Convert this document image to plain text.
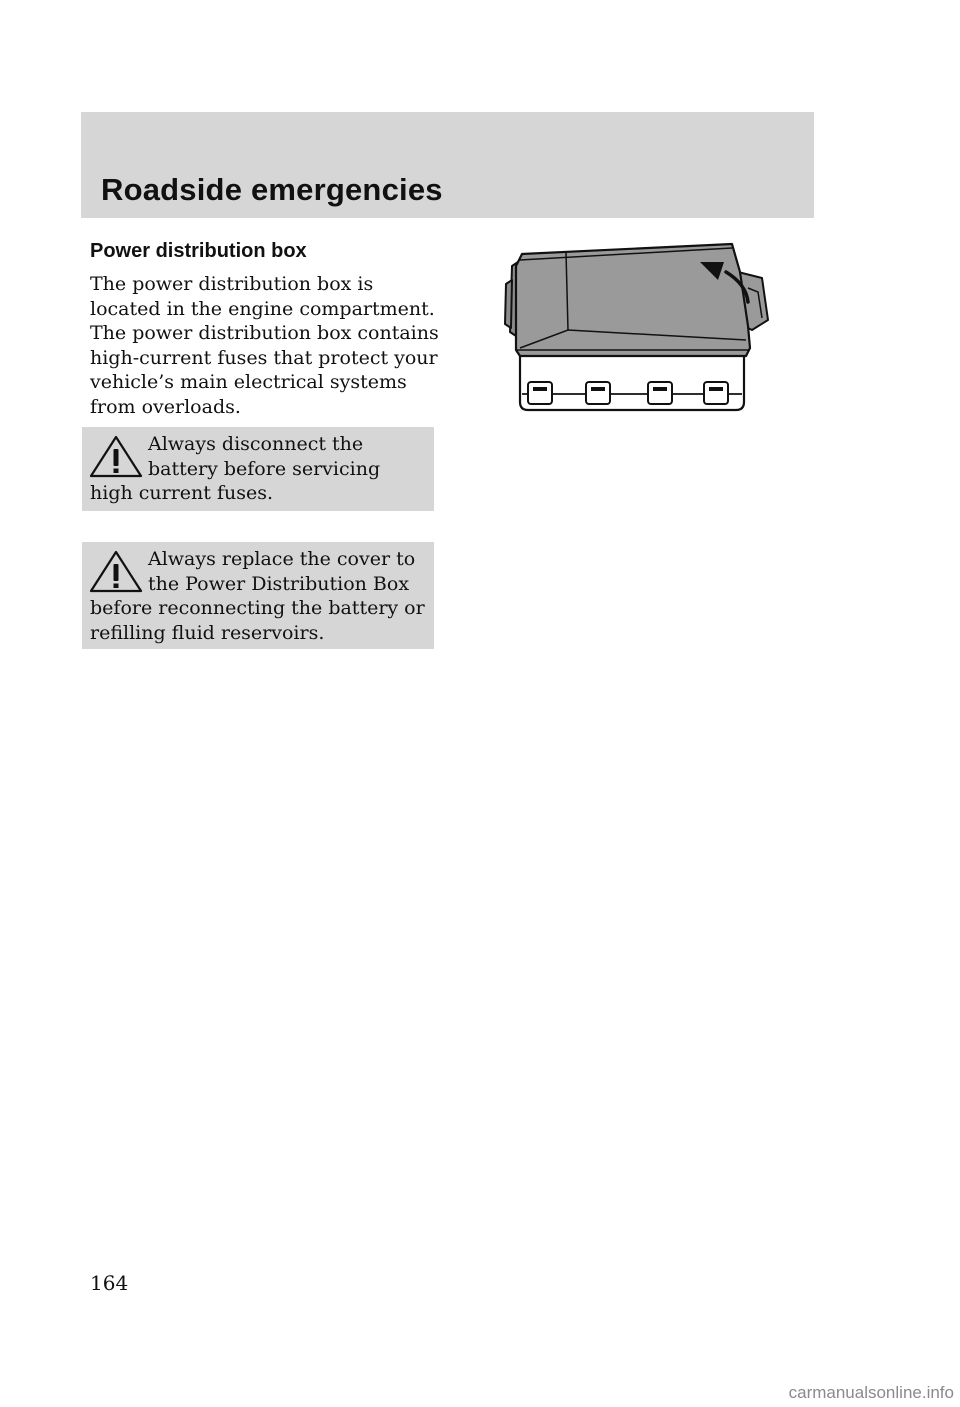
Roadside emergencies
Power distribution box

The power distribution box is located in the engine compartment. The power distribution box contains high-current fuses that protect your vehicle’s main electrical systems from overloads.

Always disconnect the battery before servicing high current fuses.

Always replace the cover to the Power Distribution Box before reconnecting the battery or refilling fluid reservoirs.

164

carmanualsonline.info
